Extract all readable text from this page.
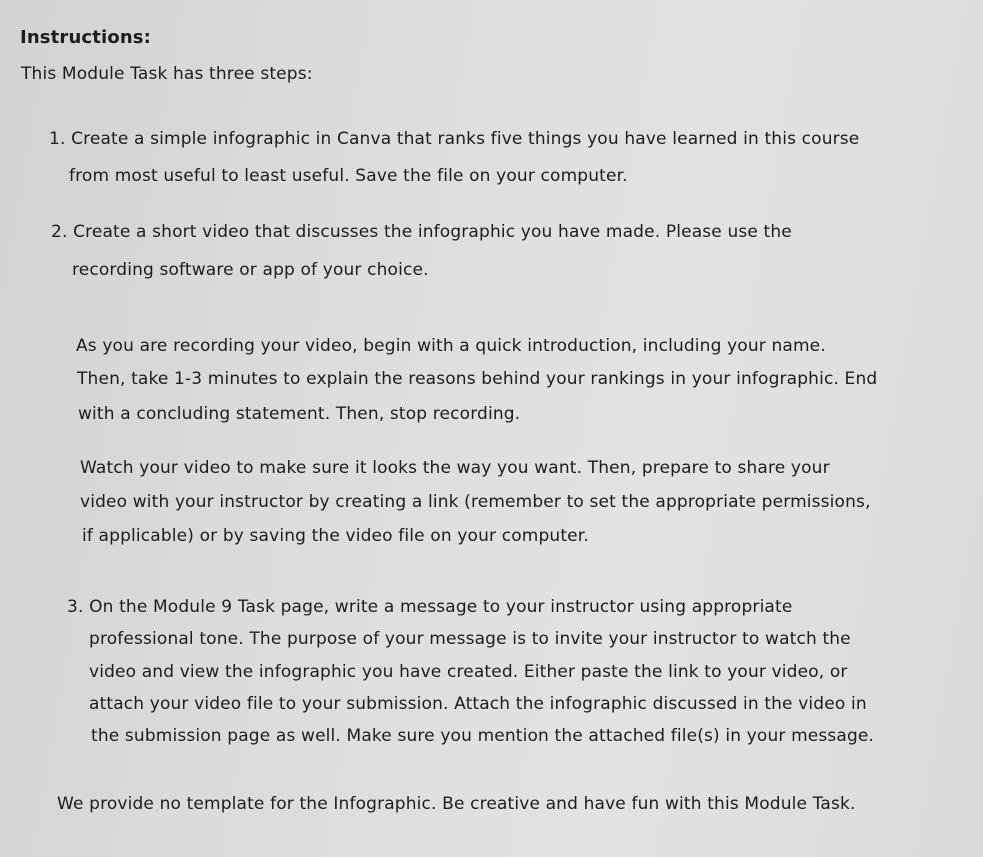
Instructions:
This Module Task has three steps:
1. Create a simple infographic in Canva that ranks five things you have learned in this course
from most useful to least useful. Save the file on your computer.
2. Create a short video that discusses the infographic you have made. Please use the
recording software or app of your choice.
As you are recording your video, begin with a quick introduction, including your name.
Then, take 1-3 minutes to explain the reasons behind your rankings in your infographic. End
with a concluding statement. Then, stop recording.
Watch your video to make sure it looks the way you want. Then, prepare to share your
video with your instructor by creating a link (remember to set the appropriate permissions,
if applicable) or by saving the video file on your computer.
3. On the Module 9 Task page, write a message to your instructor using appropriate
professional tone. The purpose of your message is to invite your instructor to watch the
video and view the infographic you have created. Either paste the link to your video, or
attach your video file to your submission. Attach the infographic discussed in the video in
the submission page as well. Make sure you mention the attached file(s) in your message.
We provide no template for the Infographic. Be creative and have fun with this Module Task.
